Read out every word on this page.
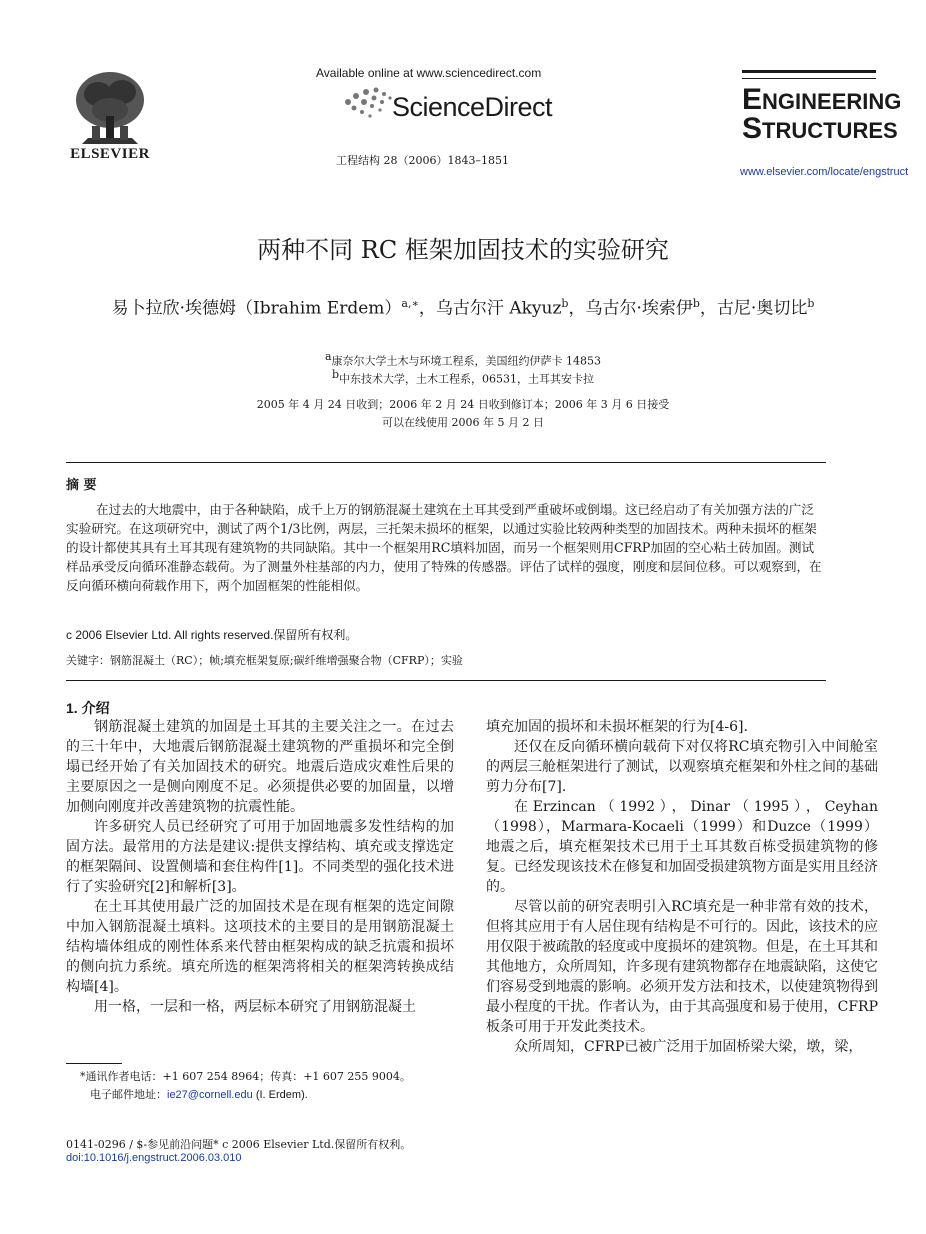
ELSEVIER
Available online at www.sciencedirect.com
ScienceDirect
工程结构 28（2006）1843–1851
ENGINEERING
STRUCTURES
www.elsevier.com/locate/engstruct
两种不同 RC 框架加固技术的实验研究
易卜拉欣·埃德姆（Ibrahim Erdem）$^{a,∗}$，乌古尔汗 Akyuz$^b$，乌古尔·埃索伊$^b$，古尼·奥切比$^b$
$^a$康奈尔大学土木与环境工程系，美国纽约伊萨卡 14853
$^b$中东技术大学，土木工程系，06531，土耳其安卡拉
2005 年 4 月 24 日收到；2006 年 2 月 24 日收到修订本；2006 年 3 月 6 日接受
可以在线使用 2006 年 5 月 2 日
摘 要
在过去的大地震中，由于各种缺陷，成千上万的钢筋混凝土建筑在土耳其受到严重破坏或倒塌。这已经启动了有关加强方法的广泛实验研究。在这项研究中，测试了两个1/3比例，两层，三托架未损坏的框架，以通过实验比较两种类型的加固技术。两种未损坏的框架的设计都使其具有土耳其现有建筑物的共同缺陷。其中一个框架用RC填料加固，而另一个框架则用CFRP加固的空心粘土砖加固。测试样品承受反向循环准静态载荷。为了测量外柱基部的内力，使用了特殊的传感器。评估了试样的强度，刚度和层间位移。可以观察到，在反向循环横向荷载作用下，两个加固框架的性能相似。
c 2006 Elsevier Ltd. All rights reserved.保留所有权利。
关键字：钢筋混凝土（RC）；帧;填充框架复原;碳纤维增强聚合物（CFRP）；实验
1. 介绍

钢筋混凝土建筑的加固是土耳其的主要关注之一。在过去的三十年中，大地震后钢筋混凝土建筑物的严重损坏和完全倒塌已经开始了有关加固技术的研究。地震后造成灾难性后果的主要原因之一是侧向刚度不足。必须提供必要的加固量，以增加侧向刚度并改善建筑物的抗震性能。

许多研究人员已经研究了可用于加固地震多发性结构的加固方法。最常用的方法是建议:提供支撑结构、填充或支撑选定的框架隔间、设置侧墙和套住构件[1]。不同类型的强化技术进行了实验研究[2]和解析[3]。

在土耳其使用最广泛的加固技术是在现有框架的选定间隙中加入钢筋混凝土填料。这项技术的主要目的是用钢筋混凝土结构墙体组成的刚性体系来代替由框架构成的缺乏抗震和损坏的侧向抗力系统。填充所选的框架湾将相关的框架湾转换成结构墙[4]。

用一格，一层和一格，两层标本研究了用钢筋混凝土

填充加固的损坏和未损坏框架的行为[4-6].

还仅在反向循环横向载荷下对仅将RC填充物引入中间舱室的两层三舱框架进行了测试，以观察填充框架和外柱之间的基础剪力分布[7].

在Erzincan（1992），Dinar（1995），Ceyhan（1998），Marmara-Kocaeli（1999）和Duzce（1999）地震之后，填充框架技术已用于土耳其数百栋受损建筑物的修复。已经发现该技术在修复和加固受损建筑物方面是实用且经济的。

尽管以前的研究表明引入RC填充是一种非常有效的技术，但将其应用于有人居住现有结构是不可行的。因此，该技术的应用仅限于被疏散的轻度或中度损坏的建筑物。但是，在土耳其和其他地方，众所周知，许多现有建筑物都存在地震缺陷，这使它们容易受到地震的影响。必须开发方法和技术，以使建筑物得到最小程度的干扰。作者认为，由于其高强度和易于使用，CFRP板条可用于开发此类技术。

众所周知，CFRP已被广泛用于加固桥梁大梁，墩，梁，

*通讯作者电话：+1 607 254 8964；传真：+1 607 255 9004。
电子邮件地址：ie27@cornell.edu (I. Erdem).
0141-0296 / $-参见前沿问题* c 2006 Elsevier Ltd.保留所有权利。
doi:10.1016/j.engstruct.2006.03.010
